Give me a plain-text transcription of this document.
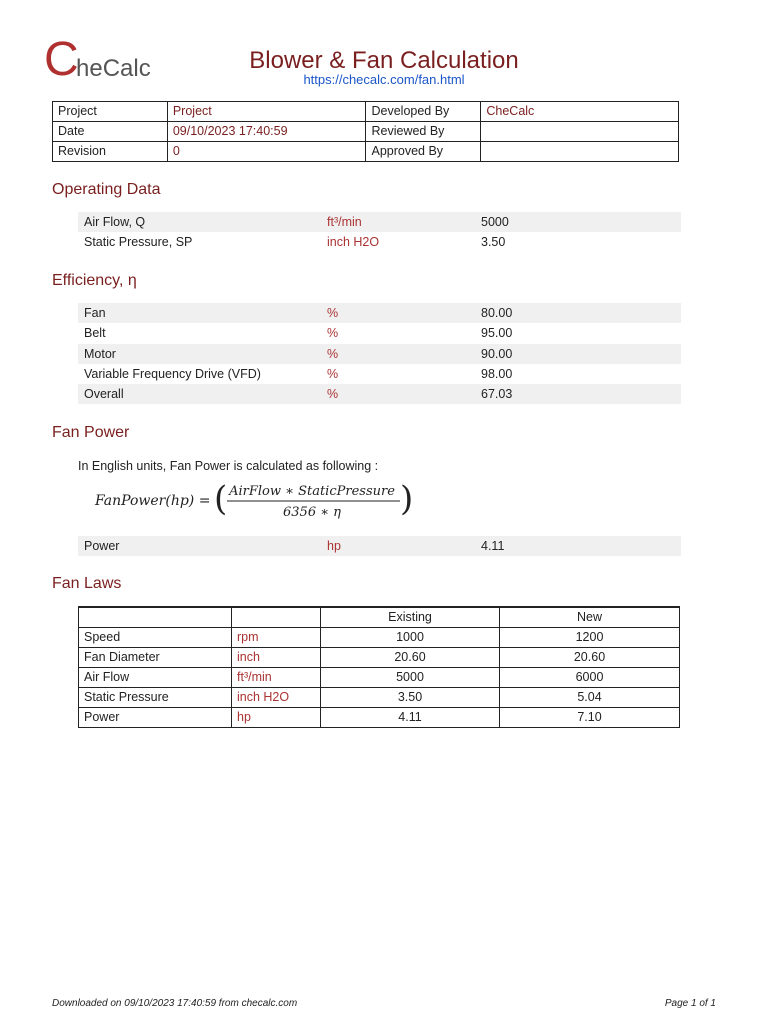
C
heCalc	Blower & Fan Calculation
https://checalc.com/fan.html
Project	Project	Developed By	CheCalc
Date	09/10/2023 17:40:59	Reviewed By	
Revision	0	Approved By	
Operating Data
Air Flow, Q	ft³/min	5000
Static Pressure, SP	inch H2O	3.50
Efficiency, η
Fan	%	80.00
Belt	%	95.00
Motor	%	90.00
Variable Frequency Drive (VFD)	%	98.00
Overall	%	67.03
Fan Power
In English units, Fan Power is calculated as following :
FanPower(hp) = ( AirFlow ∗ StaticPressure
6356 ∗ η )
Power	hp	4.11
Fan Laws
		Existing	New
Speed	rpm	1000	1200
Fan Diameter	inch	20.60	20.60
Air Flow	ft³/min	5000	6000
Static Pressure	inch H2O	3.50	5.04
Power	hp	4.11	7.10
Downloaded on 09/10/2023 17:40:59 from checalc.com	Page 1 of 1
